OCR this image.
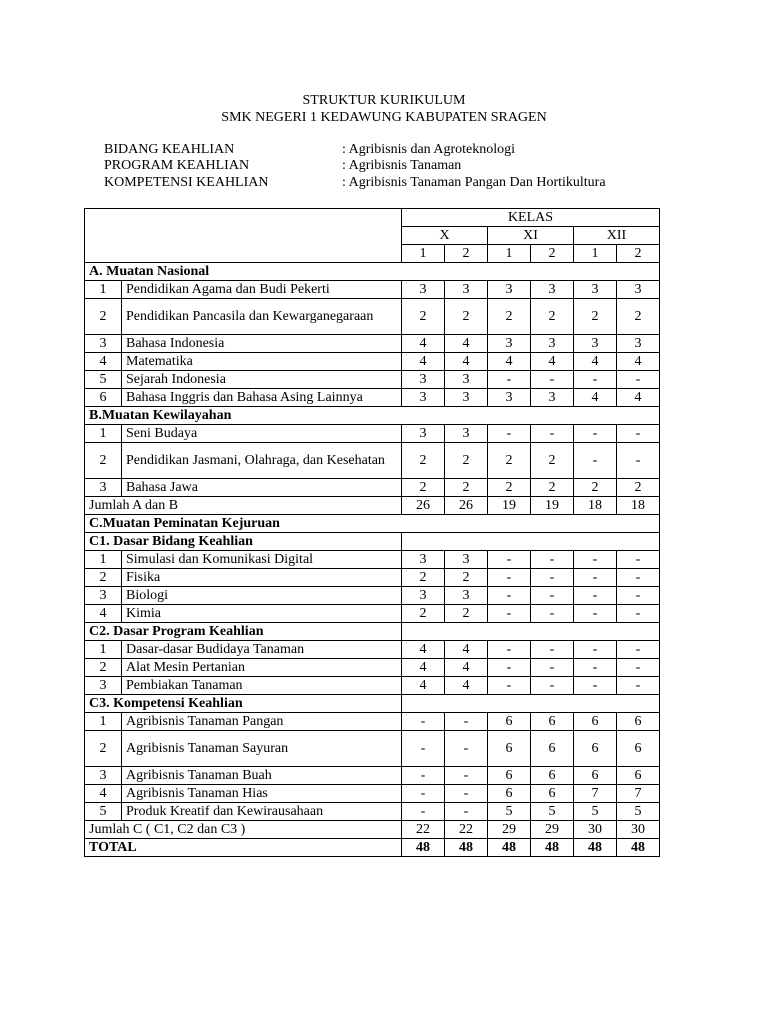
STRUKTUR KURIKULUM
SMK NEGERI 1 KEDAWUNG KABUPATEN SRAGEN
BIDANG KEAHLIAN	: Agribisnis dan Agroteknologi
PROGRAM KEAHLIAN	: Agribisnis Tanaman
KOMPETENSI KEAHLIAN	: Agribisnis Tanaman Pangan Dan Hortikultura
		KELAS					
		X		XI		XII	
		1	2	1	2	1	2
A. Muatan Nasional							
1	Pendidikan Agama dan Budi Pekerti	3	3	3	3	3	3
2	Pendidikan Pancasila dan Kewarganegaraan	2	2	2	2	2	2
3	Bahasa Indonesia	4	4	3	3	3	3
4	Matematika	4	4	4	4	4	4
5	Sejarah Indonesia	3	3	-	-	-	-
6	Bahasa Inggris dan Bahasa Asing Lainnya	3	3	3	3	4	4
B.Muatan Kewilayahan							
1	Seni Budaya	3	3	-	-	-	-
2	Pendidikan Jasmani, Olahraga, dan Kesehatan	2	2	2	2	-	-
3	Bahasa Jawa	2	2	2	2	2	2
Jumlah A dan B		26	26	19	19	18	18
C.Muatan Peminatan Kejuruan							
C1. Dasar Bidang Keahlian							
1	Simulasi dan Komunikasi Digital	3	3	-	-	-	-
2	Fisika	2	2	-	-	-	-
3	Biologi	3	3	-	-	-	-
4	Kimia	2	2	-	-	-	-
C2. Dasar Program Keahlian							
1	Dasar-dasar Budidaya Tanaman	4	4	-	-	-	-
2	Alat Mesin Pertanian	4	4	-	-	-	-
3	Pembiakan Tanaman	4	4	-	-	-	-
C3. Kompetensi Keahlian							
1	Agribisnis Tanaman Pangan	-	-	6	6	6	6
2	Agribisnis Tanaman Sayuran	-	-	6	6	6	6
3	Agribisnis Tanaman Buah	-	-	6	6	6	6
4	Agribisnis Tanaman Hias	-	-	6	6	7	7
5	Produk Kreatif dan Kewirausahaan	-	-	5	5	5	5
Jumlah C ( C1, C2 dan C3 )		22	22	29	29	30	30
TOTAL		48	48	48	48	48	48
